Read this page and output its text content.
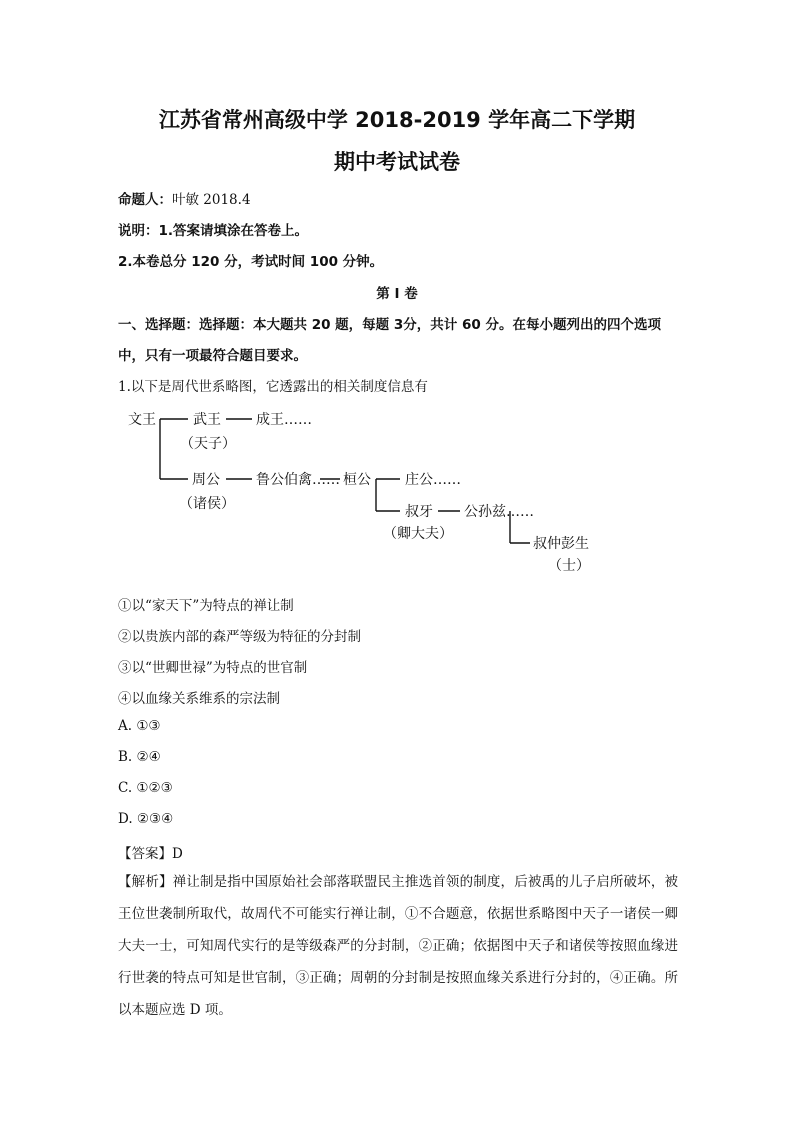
江苏省常州高级中学 2018-2019 学年高二下学期
期中考试试卷
命题人：叶敏 2018.4
说明：1.答案请填涂在答卷上。
2.本卷总分 120 分，考试时间 100 分钟。
第 Ⅰ 卷
一、选择题：选择题：本大题共 20 题，每题 3分，共计 60 分。在每小题列出的四个选项
中，只有一项最符合题目要求。
1.以下是周代世系略图，它透露出的相关制度信息有
文王	武王	成王……
（天子）
周公	鲁公伯禽…… 桓公
（诸侯）
庄公……
叔牙 公孙兹……
（卿大夫）
叔仲彭生
（士）
①以“家天下”为特点的禅让制
②以贵族内部的森严等级为特征的分封制
③以“世卿世禄”为特点的世官制
④以血缘关系维系的宗法制
A. ①③
B. ②④
C. ①②③
D. ②③④
【答案】D
【解析】禅让制是指中国原始社会部落联盟民主推选首领的制度，后被禹的儿子启所破坏，被王位世袭制所取代，故周代不可能实行禅让制，①不合题意，依据世系略图中天子一诸侯一卿大夫一士，可知周代实行的是等级森严的分封制，②正确；依据图中天子和诸侯等按照血缘进行世袭的特点可知是世官制，③正确；周朝的分封制是按照血缘关系进行分封的，④正确。所以本题应选 D 项。
